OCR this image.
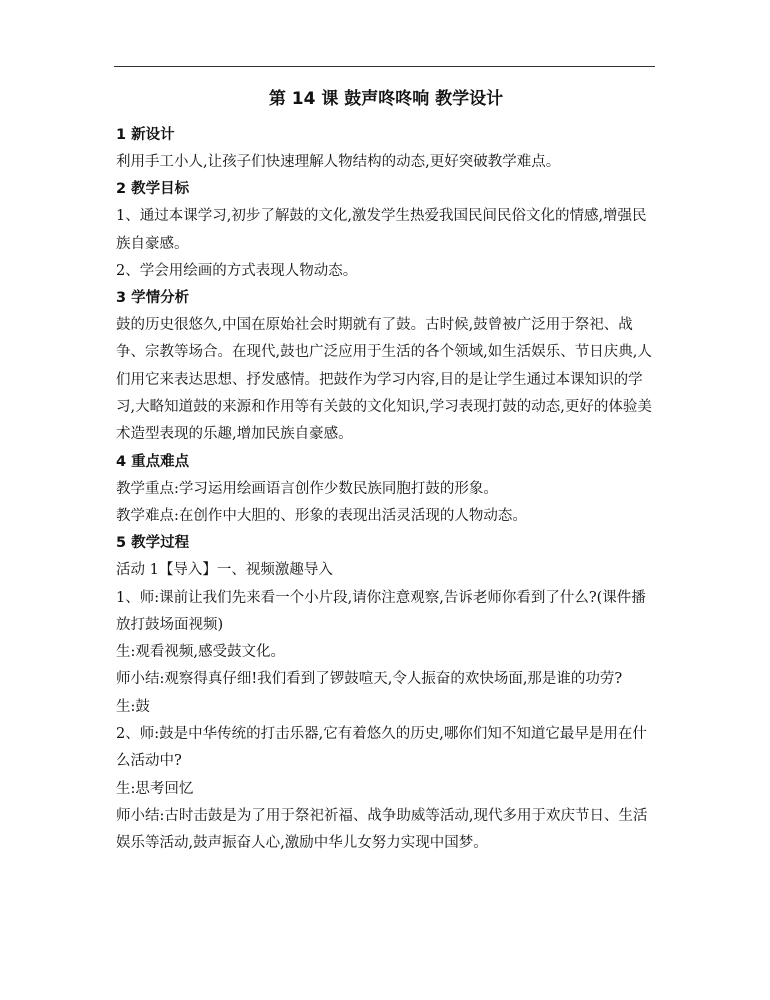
第 14 课 鼓声咚咚响 教学设计
1 新设计

利用手工小人,让孩子们快速理解人物结构的动态,更好突破教学难点。

2 教学目标

1、通过本课学习,初步了解鼓的文化,激发学生热爱我国民间民俗文化的情感,增强民族自豪感。

2、学会用绘画的方式表现人物动态。

3 学情分析

鼓的历史很悠久,中国在原始社会时期就有了鼓。古时候,鼓曾被广泛用于祭祀、战争、宗教等场合。在现代,鼓也广泛应用于生活的各个领域,如生活娱乐、节日庆典,人们用它来表达思想、抒发感情。把鼓作为学习内容,目的是让学生通过本课知识的学习,大略知道鼓的来源和作用等有关鼓的文化知识,学习表现打鼓的动态,更好的体验美术造型表现的乐趣,增加民族自豪感。

4 重点难点

教学重点:学习运用绘画语言创作少数民族同胞打鼓的形象。

教学难点:在创作中大胆的、形象的表现出活灵活现的人物动态。

5 教学过程

活动 1【导入】一、视频激趣导入

1、师:课前让我们先来看一个小片段,请你注意观察,告诉老师你看到了什么?(课件播放打鼓场面视频)

生:观看视频,感受鼓文化。

师小结:观察得真仔细!我们看到了锣鼓喧天,令人振奋的欢快场面,那是谁的功劳?

生:鼓

2、师:鼓是中华传统的打击乐器,它有着悠久的历史,哪你们知不知道它最早是用在什么活动中?

生:思考回忆

师小结:古时击鼓是为了用于祭祀祈福、战争助威等活动,现代多用于欢庆节日、生活娱乐等活动,鼓声振奋人心,激励中华儿女努力实现中国梦。
